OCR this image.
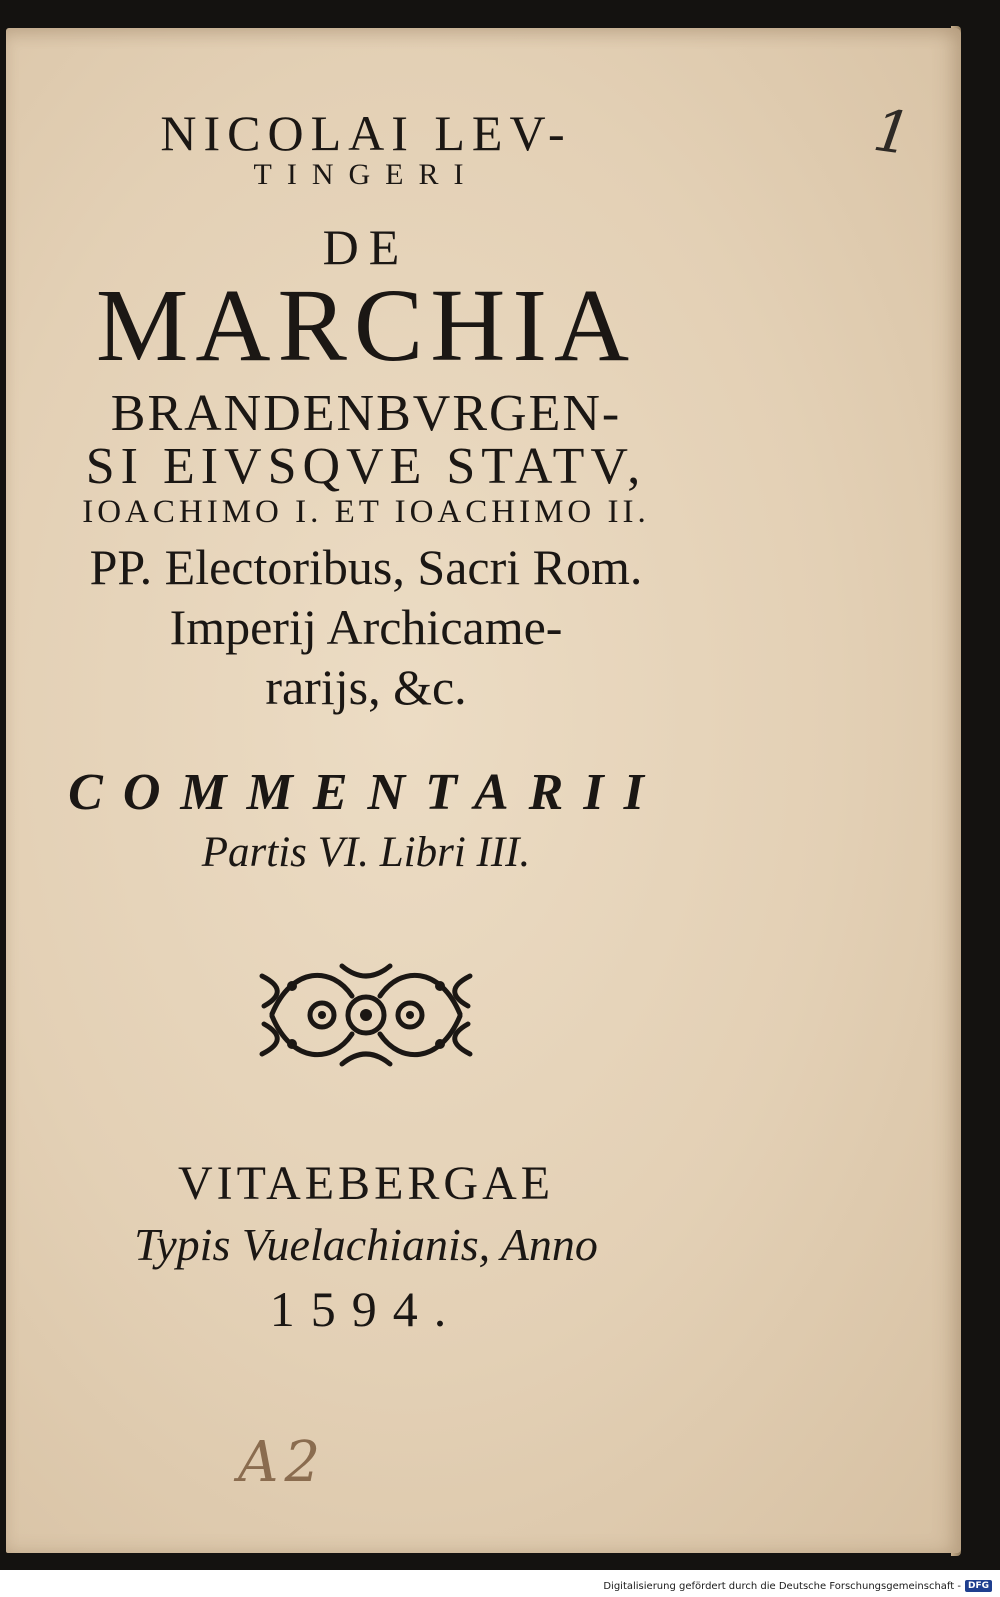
NICOLAI LEV-
TINGERI
DE
MARCHIA
BRANDENBVRGEN-
SI EIVSQVE STATV,
IOACHIMO I. ET IOACHIMO II.
PP. Electoribus, Sacri Rom.
Imperij Archicame-
rarijs, &c.
COMMENTARII
Partis VI. Libri III.
VITAEBERGAE
Typis Vuelachianis, Anno
1594.
1
A2
Digitalisierung gefördert durch die Deutsche Forschungsgemeinschaft - DFG
